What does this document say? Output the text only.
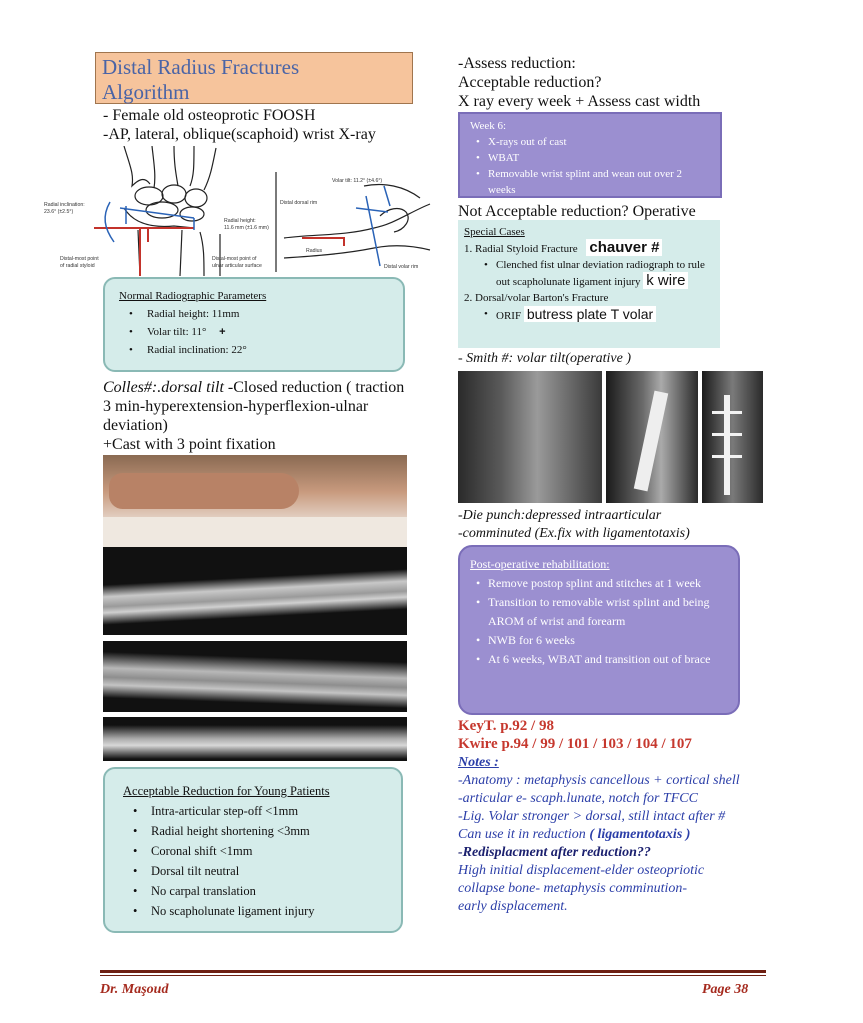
Distal Radius Fractures
Algorithm
- Female old osteoprotic FOOSH
-AP, lateral, oblique(scaphoid) wrist X-ray
Radial inclination:
23.6° (±2.5°)
Radial height:
11.6 mm (±1.6 mm)
Distal-most point
of radial styloid
Distal-most point of
ulnar articular surface
Volar tilt: 11.2° (±4.6°)
Distal dorsal rim
Radius
Distal volar rim
Normal Radiographic Parameters
• Radial height: 11mm
• Volar tilt: 11° +
• Radial inclination: 22°
Colles#:.dorsal tilt -Closed reduction ( traction
3 min-hyperextension-hyperflexion-ulnar
deviation)
+Cast with 3 point fixation
Acceptable Reduction for Young Patients
• Intra-articular step-off <1mm
• Radial height shortening <3mm
• Coronal shift <1mm
• Dorsal tilt neutral
• No carpal translation
• No scapholunate ligament injury
-Assess reduction:
Acceptable reduction?
X ray every week + Assess cast width
Week 6:
• X-rays out of cast
• WBAT
• Removable wrist splint and wean out over 2 weeks
Not Acceptable reduction? Operative
Special Cases
1. Radial Styloid Fracture chauver #
• Clenched fist ulnar deviation radiograph to rule out scapholunate ligament injury k wire
2. Dorsal/volar Barton's Fracture
• ORIF butress plate T volar
- Smith #: volar tilt(operative )
-Die punch:depressed intraarticular
-comminuted (Ex.fix with ligamentotaxis)
Post-operative rehabilitation:
• Remove postop splint and stitches at 1 week
• Transition to removable wrist splint and being AROM of wrist and forearm
• NWB for 6 weeks
• At 6 weeks, WBAT and transition out of brace
KeyT. p.92 / 98
Kwire p.94 / 99 / 101 / 103 / 104 / 107
Notes :
-Anatomy : metaphysis cancellous + cortical shell
-articular e- scaph.lunate, notch for TFCC
-Lig. Volar stronger > dorsal, still intact after #
Can use it in reduction ( ligamentotaxis )
-Redisplacment after reduction??
High initial displacement-elder osteopriotic
collapse bone- metaphysis comminution-
early displacement.
Dr. Maşoud	Page 38
